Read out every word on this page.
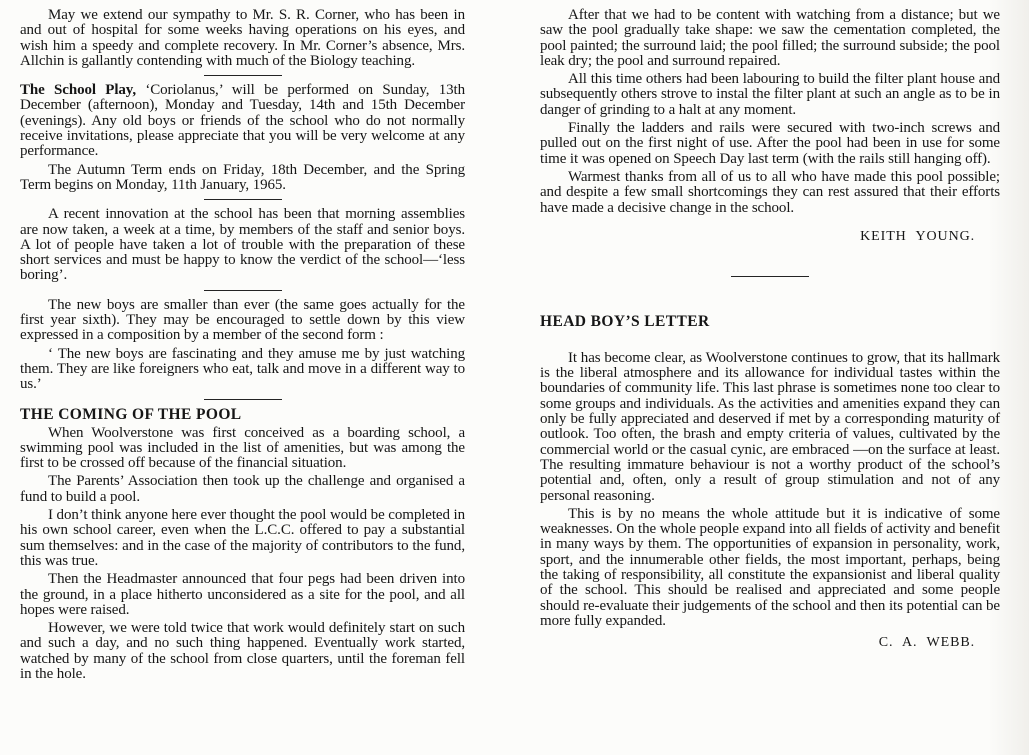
May we extend our sympathy to Mr. S. R. Corner, who has been in and out of hospital for some weeks having operations on his eyes, and wish him a speedy and complete recovery. In Mr. Corner’s absence, Mrs. Allchin is gallantly contending with much of the Biology teaching.

The School Play, ‘Coriolanus,’ will be performed on Sunday, 13th December (afternoon), Monday and Tuesday, 14th and 15th December (evenings). Any old boys or friends of the school who do not normally receive invitations, please appreciate that you will be very welcome at any performance.

The Autumn Term ends on Friday, 18th December, and the Spring Term begins on Monday, 11th January, 1965.

A recent innovation at the school has been that morning assemblies are now taken, a week at a time, by members of the staff and senior boys. A lot of people have taken a lot of trouble with the preparation of these short services and must be happy to know the verdict of the school—‘less boring’.

The new boys are smaller than ever (the same goes actually for the first year sixth). They may be encouraged to settle down by this view expressed in a composition by a member of the second form :

‘ The new boys are fascinating and they amuse me by just watching them. They are like foreigners who eat, talk and move in a different way to us.’

THE COMING OF THE POOL

When Woolverstone was first conceived as a boarding school, a swimming pool was included in the list of amenities, but was among the first to be crossed off because of the financial situation.

The Parents’ Association then took up the challenge and organised a fund to build a pool.

I don’t think anyone here ever thought the pool would be completed in his own school career, even when the L.C.C. offered to pay a substantial sum themselves: and in the case of the majority of contributors to the fund, this was true.

Then the Headmaster announced that four pegs had been driven into the ground, in a place hitherto unconsidered as a site for the pool, and all hopes were raised.

However, we were told twice that work would definitely start on such and such a day, and no such thing happened. Eventually work started, watched by many of the school from close quarters, until the foreman fell in the hole.

After that we had to be content with watching from a distance; but we saw the pool gradually take shape: we saw the cementation completed, the pool painted; the surround laid; the pool filled; the surround subside; the pool leak dry; the pool and surround repaired.

All this time others had been labouring to build the filter plant house and subsequently others strove to instal the filter plant at such an angle as to be in danger of grinding to a halt at any moment.

Finally the ladders and rails were secured with two-inch screws and pulled out on the first night of use. After the pool had been in use for some time it was opened on Speech Day last term (with the rails still hanging off).

Warmest thanks from all of us to all who have made this pool possible; and despite a few small shortcomings they can rest assured that their efforts have made a decisive change in the school.

KEITH YOUNG.
HEAD BOY’S LETTER

It has become clear, as Woolverstone continues to grow, that its hallmark is the liberal atmosphere and its allowance for individual tastes within the boundaries of community life. This last phrase is sometimes none too clear to some groups and individuals. As the activities and amenities expand they can only be fully appreciated and deserved if met by a corresponding maturity of outlook. Too often, the brash and empty criteria of values, cultivated by the commercial world or the casual cynic, are embraced —on the surface at least. The resulting immature behaviour is not a worthy product of the school’s potential and, often, only a result of group stimulation and not of any personal reasoning.

This is by no means the whole attitude but it is indicative of some weaknesses. On the whole people expand into all fields of activity and benefit in many ways by them. The opportunities of expansion in personality, work, sport, and the innumerable other fields, the most important, perhaps, being the taking of responsibility, all constitute the expansionist and liberal quality of the school. This should be realised and appreciated and some people should re-evaluate their judgements of the school and then its potential can be more fully expanded.

C. A. WEBB.
